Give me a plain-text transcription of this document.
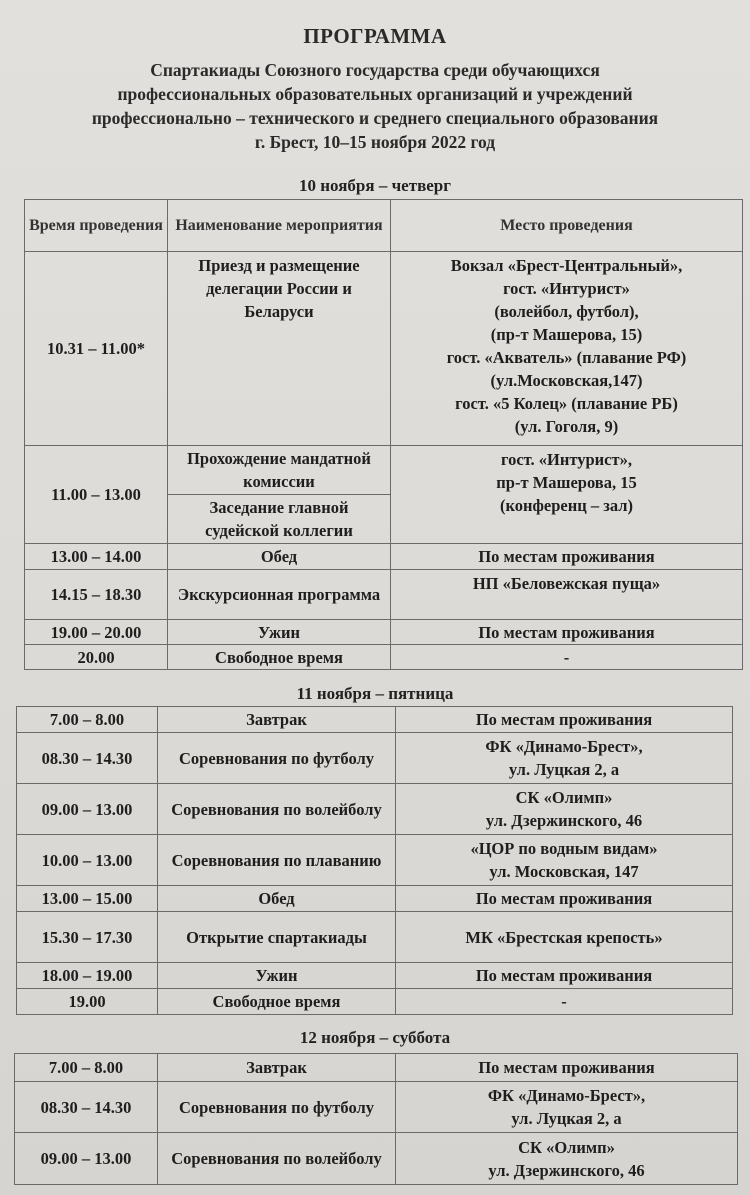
ПРОГРАММА
Спартакиады Союзного государства среди обучающихся
профессиональных образовательных организаций и учреждений
профессионально – технического и среднего специального образования
г. Брест, 10–15 ноября 2022 год
10 ноября – четверг
Время проведения	Наименование мероприятия	Место проведения
10.31 – 11.00*	Приезд и размещение делегации России и Беларуси	
Вокзал «Брест-Центральный»,
гост. «Интурист»
(волейбол, футбол),
(пр-т Машерова, 15)
гост. «Акватель» (плавание РФ)
(ул.Московская,147)
гост. «5 Колец» (плавание РБ)
(ул. Гоголя, 9)

11.00 – 13.00	Прохождение мандатной комиссии	гост. «Интурист»,
пр-т Машерова, 15
(конференц – зал)

	Заседание главной судейской коллегии	
13.00 – 14.00	Обед	По местам проживания
14.15 – 18.30	Экскурсионная программа	НП «Беловежская пуща»
19.00 – 20.00	Ужин	По местам проживания
20.00	Свободное время	-
11 ноября – пятница
7.00 – 8.00	Завтрак	По местам проживания
08.30 – 14.30	Соревнования по футболу	ФК «Динамо-Брест»,
ул. Луцкая 2, а

09.00 – 13.00	Соревнования по волейболу	СК «Олимп»
ул. Дзержинского, 46

10.00 – 13.00	Соревнования по плаванию	«ЦОР по водным видам»
ул. Московская, 147

13.00 – 15.00	Обед	По местам проживания
15.30 – 17.30	Открытие спартакиады	МК «Брестская крепость»
18.00 – 19.00	Ужин	По местам проживания
19.00	Свободное время	-
12 ноября – суббота
7.00 – 8.00	Завтрак	По местам проживания
08.30 – 14.30	Соревнования по футболу	ФК «Динамо-Брест»,
ул. Луцкая 2, а

09.00 – 13.00	Соревнования по волейболу	СК «Олимп»
ул. Дзержинского, 46
